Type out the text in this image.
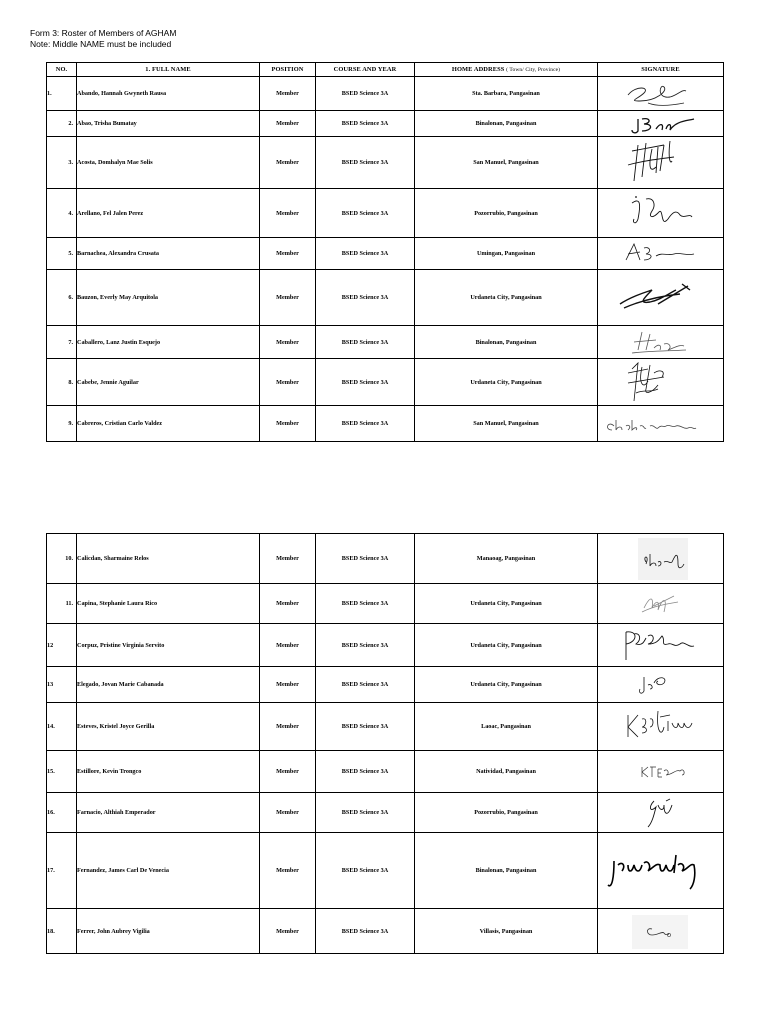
Form 3: Roster of Members of AGHAM
Note: Middle NAME must be included
NO.	1. FULL NAME	POSITION	COURSE AND YEAR	HOME ADDRESS ( Town/ City, Province)	SIGNATURE
1.	Abando, Hannah Gwyneth Rausa	Member	BSED Science 3A	Sta. Barbara, Pangasinan	

2.	Abao, Trisha Bumatay	Member	BSED Science 3A	Binalonan, Pangasinan	

3.	Acosta, Domhalyn Mae Solis	Member	BSED Science 3A	San Manuel, Pangasinan	

4.	Arellano, Fel Jalen Perez	Member	BSED Science 3A	Pozorrubio, Pangasinan	

5.	Barnachea, Alexandra Crusata	Member	BSED Science 3A	Umingan, Pangasinan	

6.	Bauzon, Everly May Arquitola	Member	BSED Science 3A	Urdaneta City, Pangasinan	

7.	Caballero, Lanz Justin Esquejo	Member	BSED Science 3A	Binalonan, Pangasinan	

8.	Cabebe, Jennie Aguilar	Member	BSED Science 3A	Urdaneta City, Pangasinan	

9.	Cabreros, Cristian Carlo Valdez	Member	BSED Science 3A	San Manuel, Pangasinan	
10.	Calicdan, Sharmaine Relos	Member	BSED Science 3A	Manaoag, Pangasinan	

11.	Capina, Stephanie Laura Rico	Member	BSED Science 3A	Urdaneta City, Pangasinan	

12	Corpuz, Pristine Virginia Servito	Member	BSED Science 3A	Urdaneta City, Pangasinan	

13	Elegado, Jovan Marie Cabanada	Member	BSED Science 3A	Urdaneta City, Pangasinan	

14.	Esteves, Kristel Joyce Gerilla	Member	BSED Science 3A	Laoac, Pangasinan	

15.	Estillore, Kevin Trongco	Member	BSED Science 3A	Natividad, Pangasinan	

16.	Farnacio, Althiah Emperador	Member	BSED Science 3A	Pozorrubio, Pangasinan	

17.	Fernandez, James Carl De Venecia	Member	BSED Science 3A	Binalonan, Pangasinan	

18.	Ferrer, John Aubrey Vigilia	Member	BSED Science 3A	Villasis, Pangasinan	
